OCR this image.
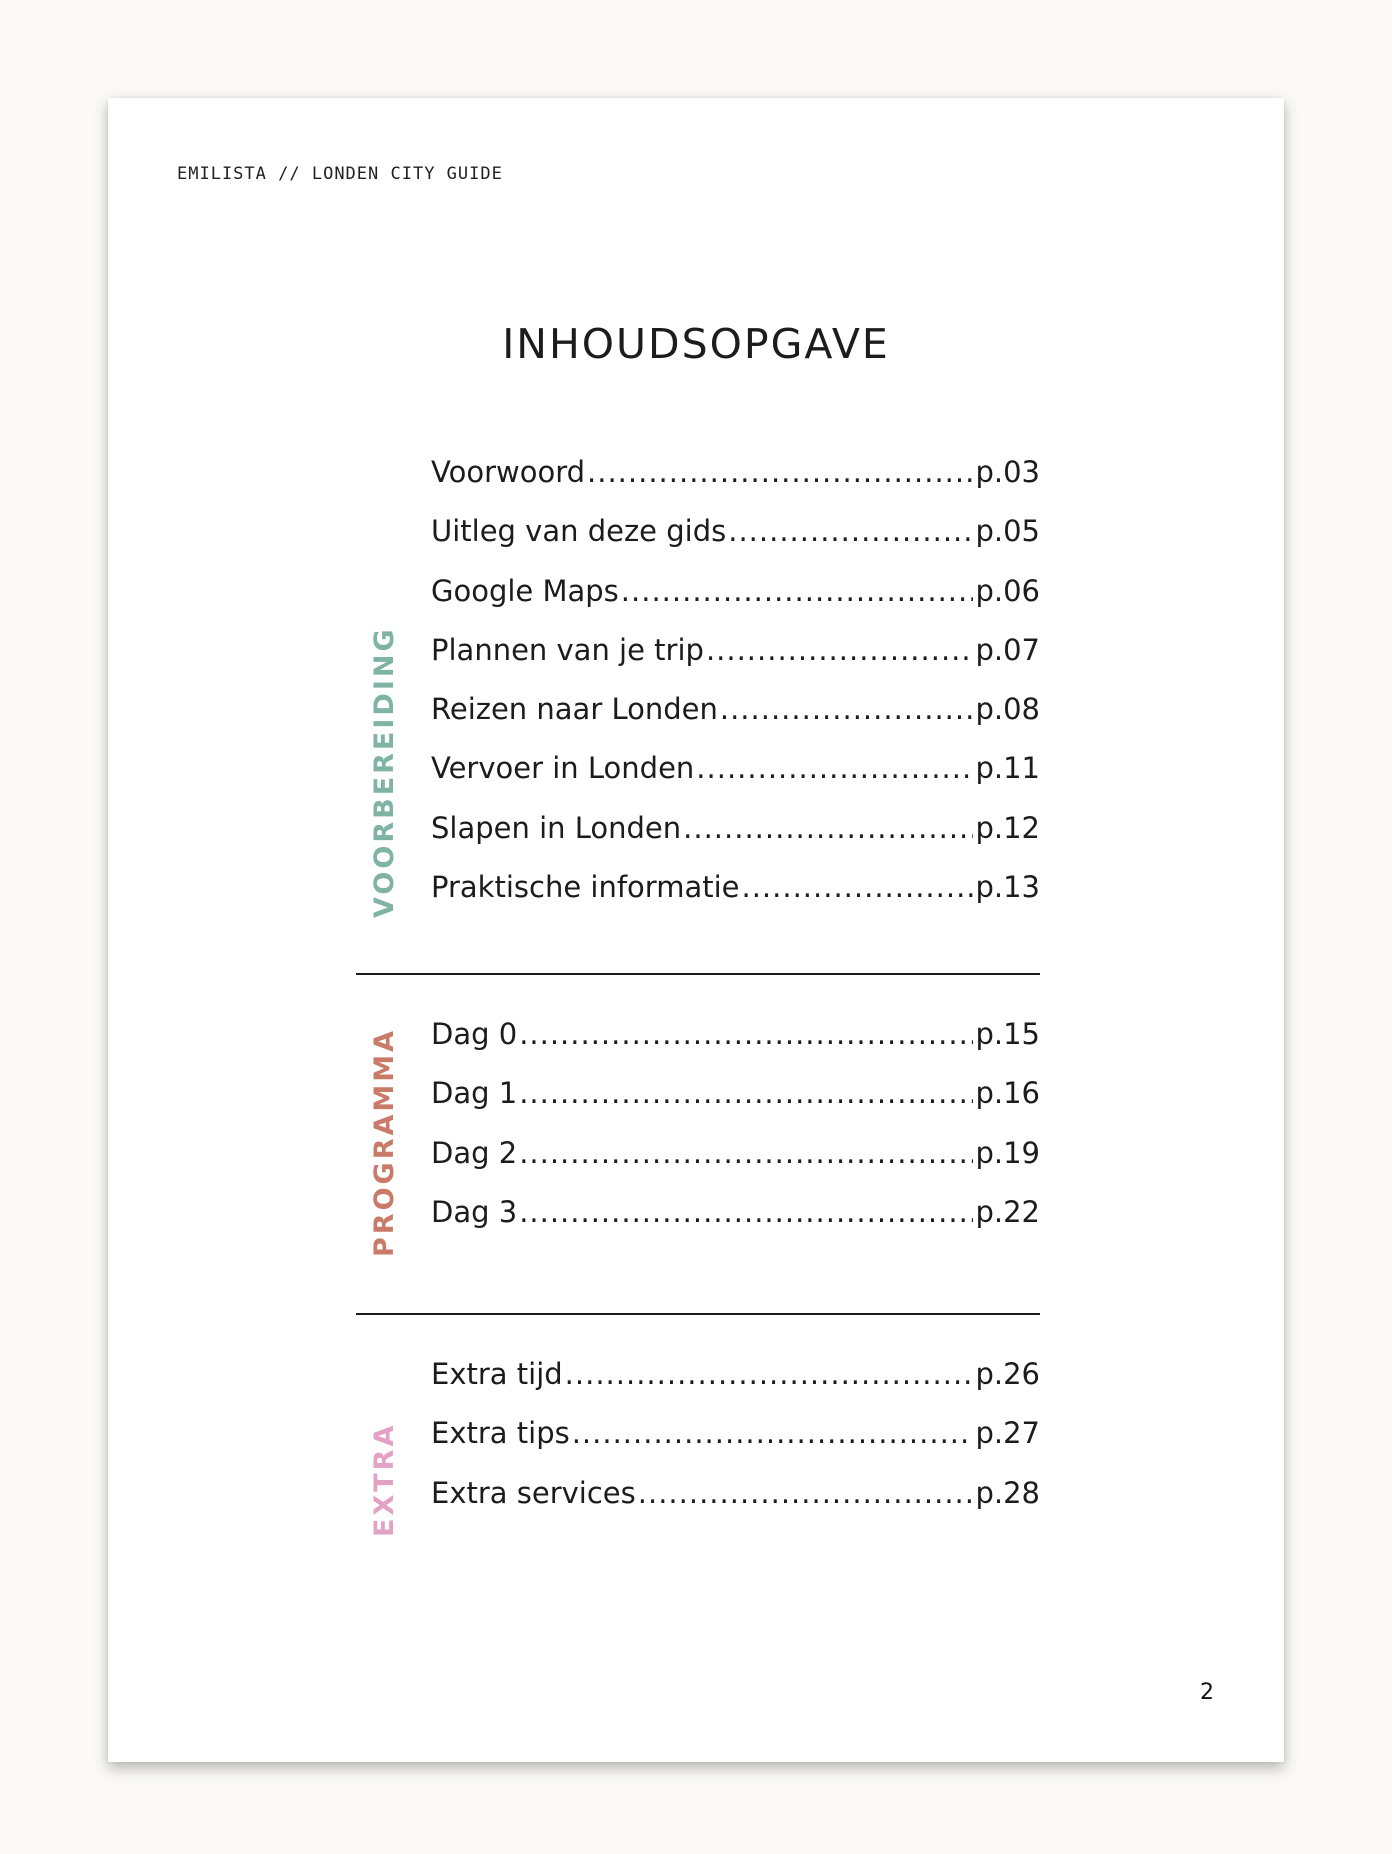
EMILISTA // LONDEN CITY GUIDE
INHOUDSOPGAVE
VOORBEREIDING
Voorwoord .....	p.03
Uitleg van deze gids .....	p.05
Google Maps .....	p.06
Plannen van je trip .....	p.07
Reizen naar Londen .....	p.08
Vervoer in Londen .....	p.11
Slapen in Londen .....	p.12
Praktische informatie .....	p.13
PROGRAMMA Dag 0 .....	p.15
Dag 1 .....	p.16
Dag 2 .....	p.19
Dag 3 .....	p.22
EXTRA
Extra tijd .....	p.26
Extra tips .....	p.27
Extra services .....	p.28
2
